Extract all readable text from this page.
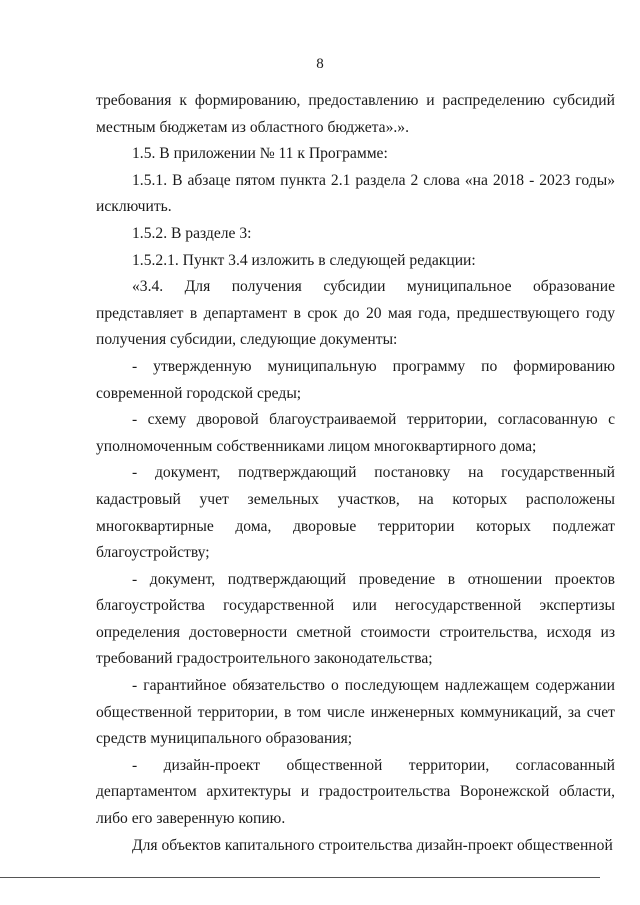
8

требования к формированию, предоставлению и распределению субсидий местным бюджетам из областного бюджета».».

1.5. В приложении № 11 к Программе:

1.5.1. В абзаце пятом пункта 2.1 раздела 2 слова «на 2018 - 2023 годы» исключить.

1.5.2. В разделе 3:

1.5.2.1. Пункт 3.4 изложить в следующей редакции:

«3.4. Для получения субсидии муниципальное образование представляет в департамент в срок до 20 мая года, предшествующего году получения субсидии, следующие документы:

- утвержденную муниципальную программу по формированию современной городской среды;

- схему дворовой благоустраиваемой территории, согласованную с уполномоченным собственниками лицом многоквартирного дома;

- документ, подтверждающий постановку на государственный кадастровый учет земельных участков, на которых расположены многоквартирные дома, дворовые территории которых подлежат благоустройству;

- документ, подтверждающий проведение в отношении проектов благоустройства государственной или негосударственной экспертизы определения достоверности сметной стоимости строительства, исходя из требований градостроительного законодательства;

- гарантийное обязательство о последующем надлежащем содержании общественной территории, в том числе инженерных коммуникаций, за счет средств муниципального образования;

- дизайн-проект общественной территории, согласованный департаментом архитектуры и градостроительства Воронежской области, либо его заверенную копию.

Для объектов капитального строительства дизайн-проект общественной
